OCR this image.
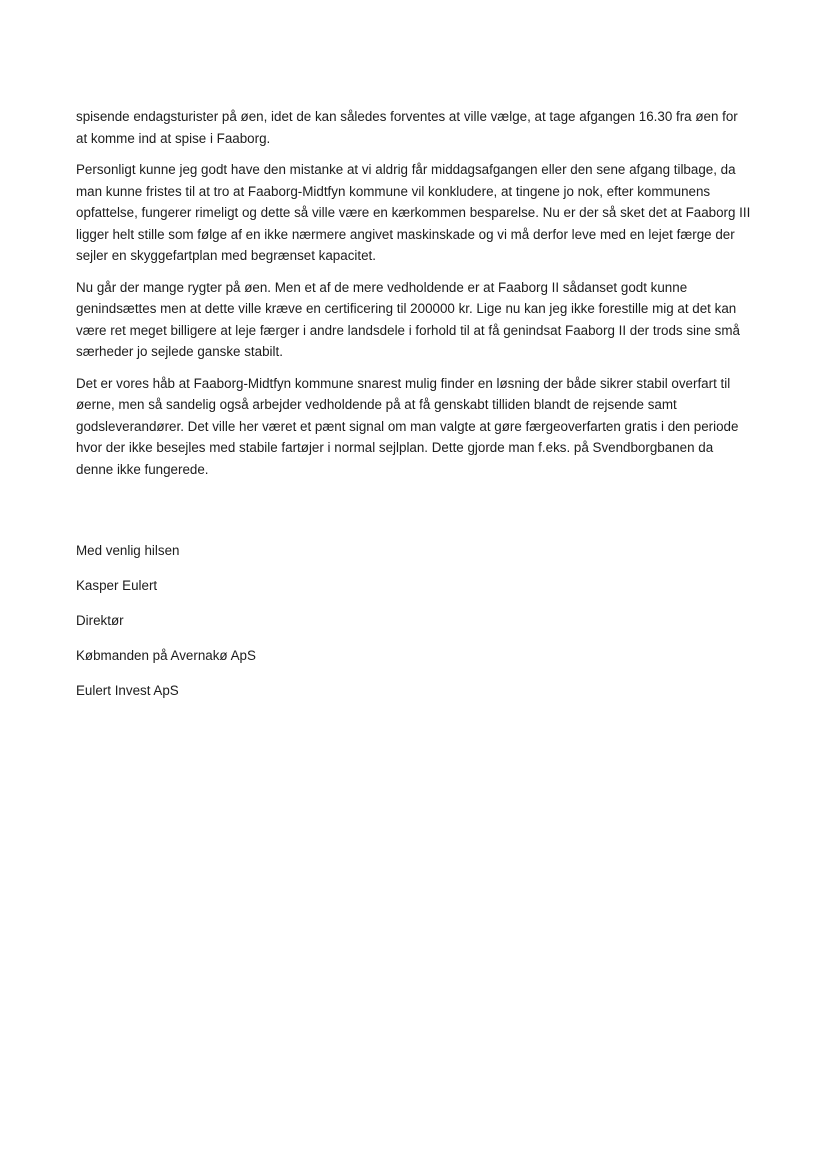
spisende endagsturister på øen, idet de kan således forventes at ville vælge, at tage afgangen 16.30 fra øen for at komme ind at spise i Faaborg.

Personligt kunne jeg godt have den mistanke at vi aldrig får middagsafgangen eller den sene afgang tilbage, da man kunne fristes til at tro at Faaborg-Midtfyn kommune vil konkludere, at tingene jo nok, efter kommunens opfattelse, fungerer rimeligt og dette så ville være en kærkommen besparelse. Nu er der så sket det at Faaborg III ligger helt stille som følge af en ikke nærmere angivet maskinskade og vi må derfor leve med en lejet færge der sejler en skyggefartplan med begrænset kapacitet.

Nu går der mange rygter på øen. Men et af de mere vedholdende er at Faaborg II sådanset godt kunne genindsættes men at dette ville kræve en certificering til 200000 kr. Lige nu kan jeg ikke forestille mig at det kan være ret meget billigere at leje færger i andre landsdele i forhold til at få genindsat Faaborg II der trods sine små særheder jo sejlede ganske stabilt.

Det er vores håb at Faaborg-Midtfyn kommune snarest mulig finder en løsning der både sikrer stabil overfart til øerne, men så sandelig også arbejder vedholdende på at få genskabt tilliden blandt de rejsende samt godsleverandører. Det ville her været et pænt signal om man valgte at gøre færgeoverfarten gratis i den periode hvor der ikke besejles med stabile fartøjer i normal sejlplan. Dette gjorde man f.eks. på Svendborgbanen da denne ikke fungerede.

Med venlig hilsen

Kasper Eulert

Direktør

Købmanden på Avernakø ApS

Eulert Invest ApS
